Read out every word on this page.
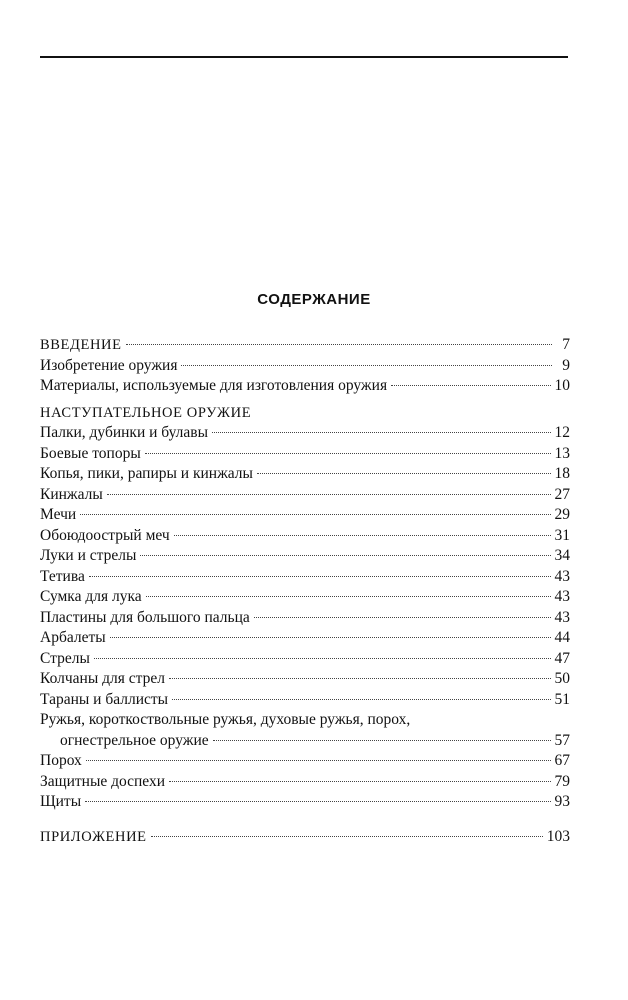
СОДЕРЖАНИЕ
ВВЕДЕНИЕ	7
Изобретение оружия	9
Материалы, используемые для изготовления оружия	10
НАСТУПАТЕЛЬНОЕ ОРУЖИЕ
Палки, дубинки и булавы	12
Боевые топоры	13
Копья, пики, рапиры и кинжалы	18
Кинжалы	27
Мечи	29
Обоюдоострый меч	31
Луки и стрелы	34
Тетива	43
Сумка для лука	43
Пластины для большого пальца	43
Арбалеты	44
Стрелы	47
Колчаны для стрел	50
Тараны и баллисты	51
Ружья, короткоствольные ружья, духовые ружья, порох,
огнестрельное оружие	57
Порох	67
Защитные доспехи	79
Щиты	93
ПРИЛОЖЕНИЕ	103
